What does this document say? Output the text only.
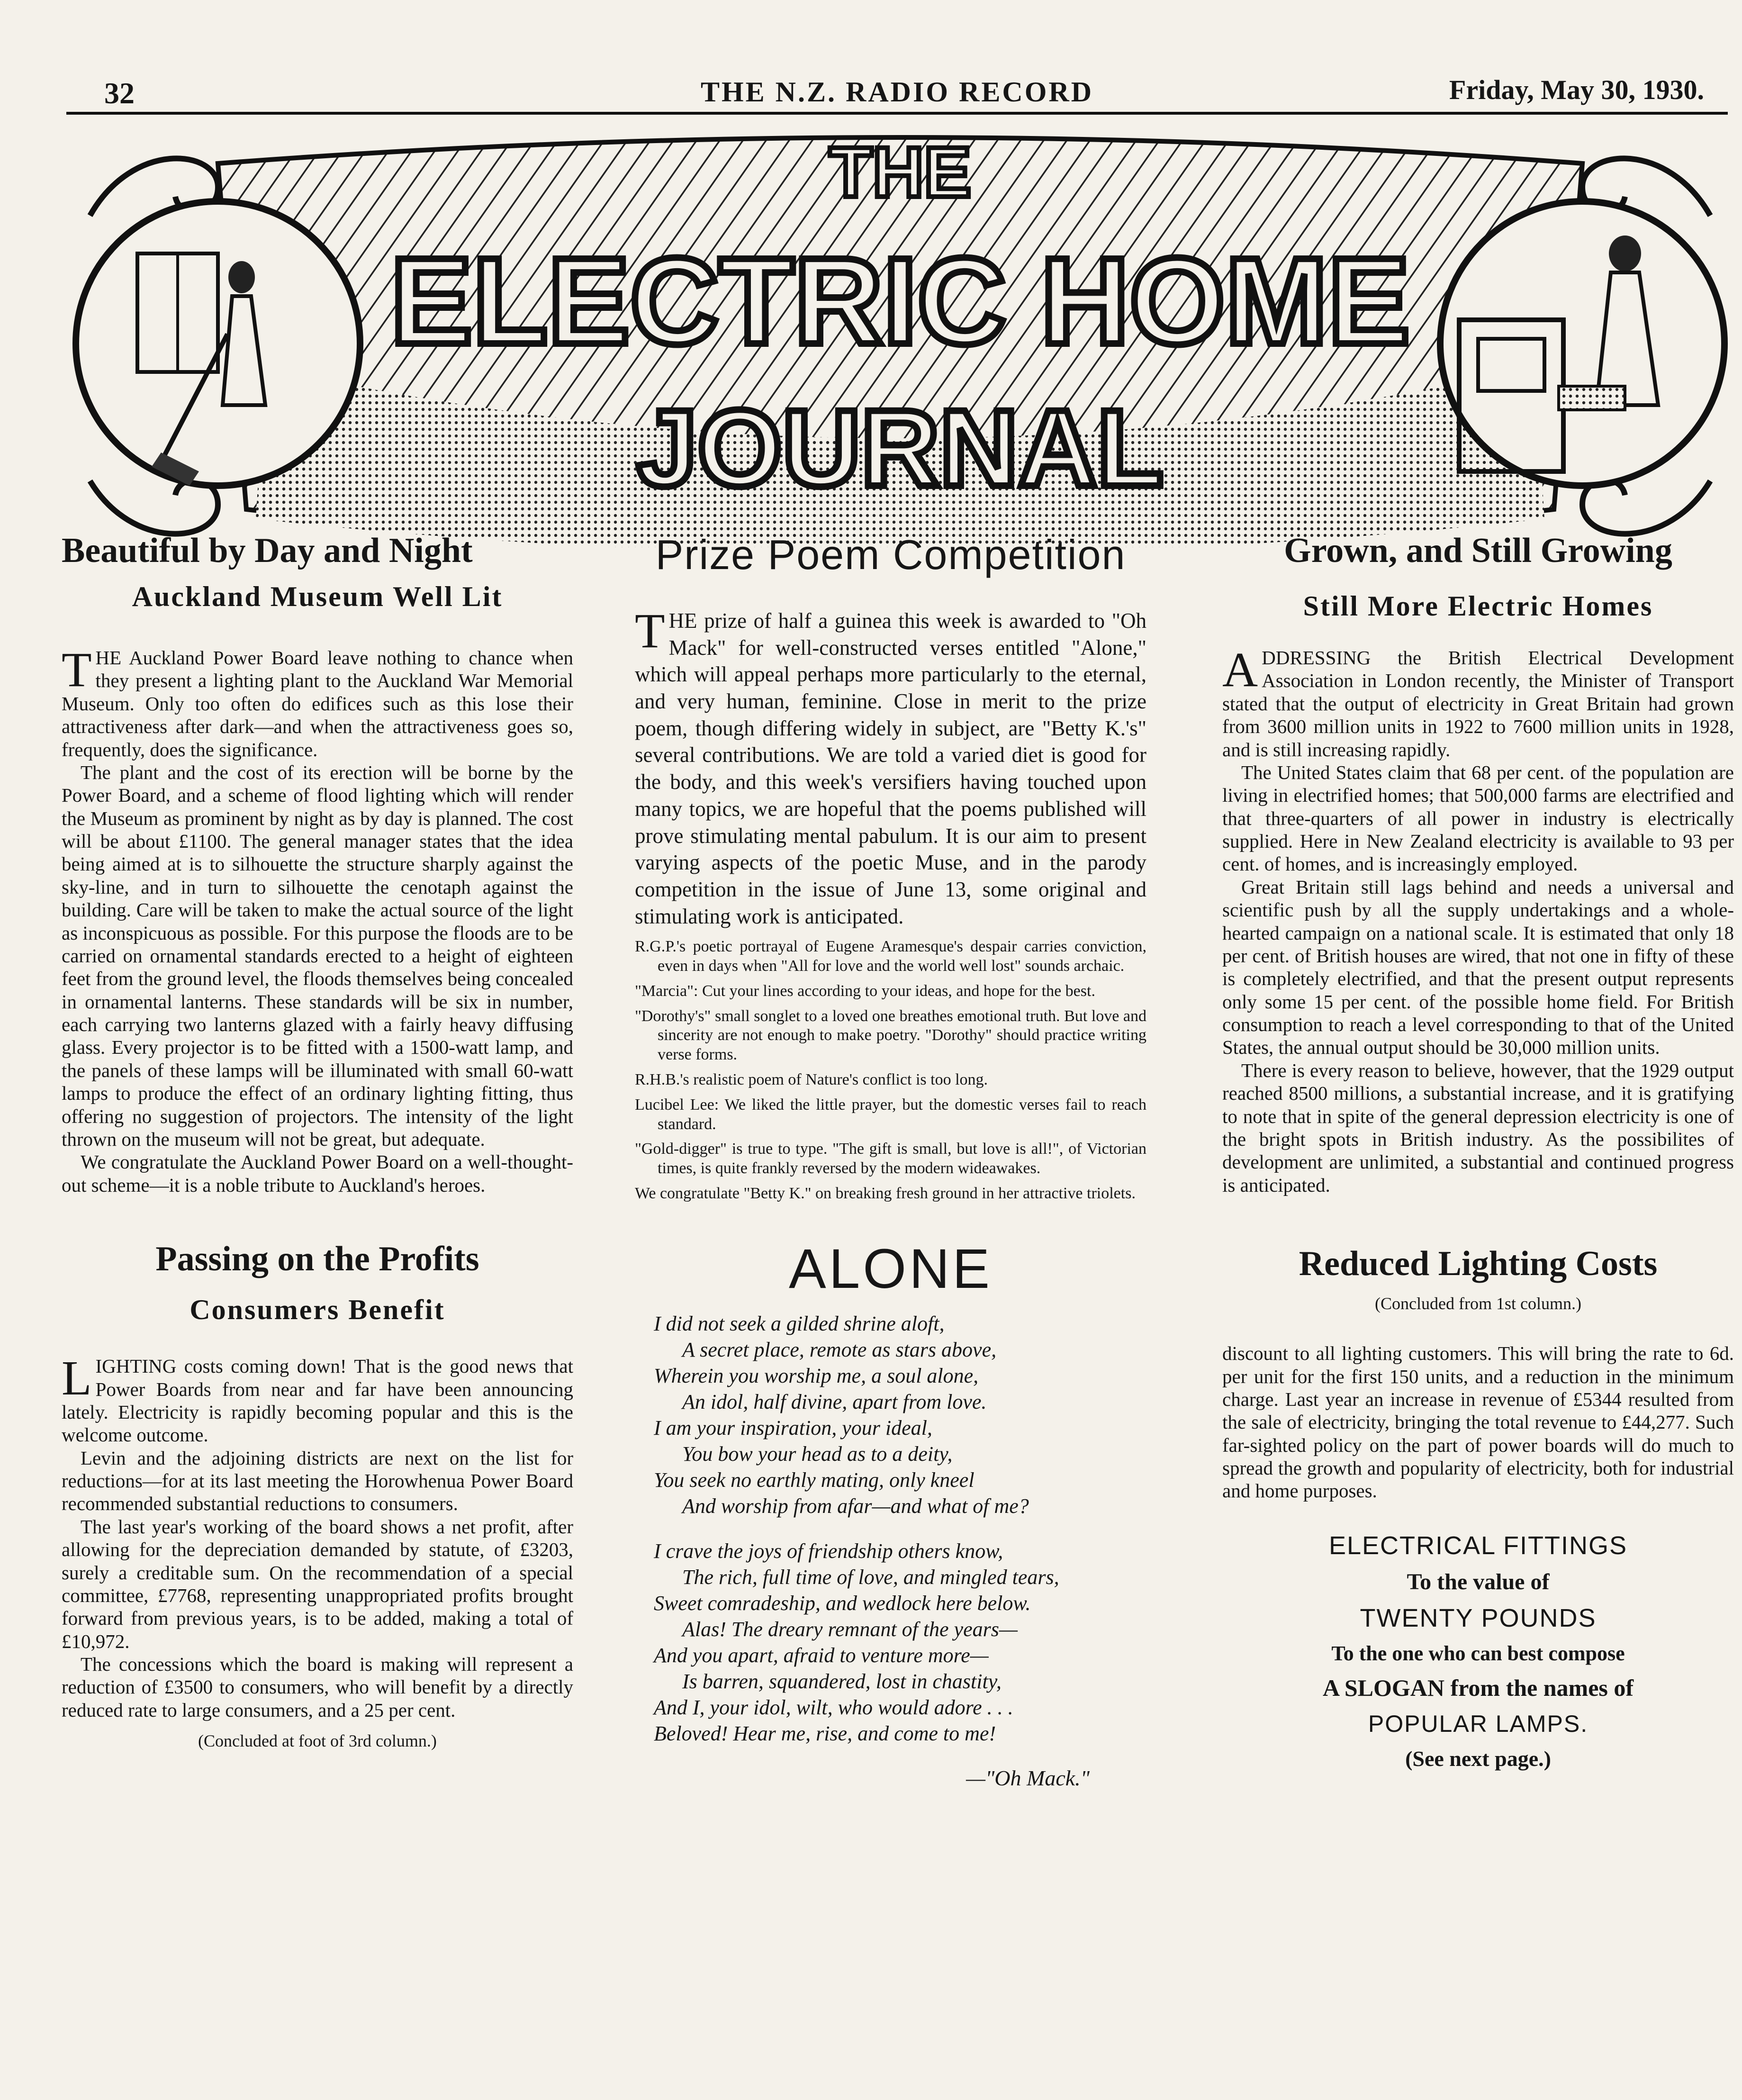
32	THE N.Z. RADIO RECORD	Friday, May 30, 1930.
THE
ELECTRIC HOME
JOURNAL
Beautiful by Day and Night
Auckland Museum Well Lit

THE Auckland Power Board leave nothing to chance when they present a lighting plant to the Auckland War Memorial Museum. Only too often do edifices such as this lose their attractiveness after dark—and when the attractiveness goes so, frequently, does the significance.

The plant and the cost of its erection will be borne by the Power Board, and a scheme of flood lighting which will render the Museum as prominent by night as by day is planned. The cost will be about £1100. The general manager states that the idea being aimed at is to silhouette the structure sharply against the sky-line, and in turn to silhouette the cenotaph against the building. Care will be taken to make the actual source of the light as inconspicuous as possible. For this purpose the floods are to be carried on ornamental standards erected to a height of eighteen feet from the ground level, the floods themselves being concealed in ornamental lanterns. These standards will be six in number, each carrying two lanterns glazed with a fairly heavy diffusing glass. Every projector is to be fitted with a 1500-watt lamp, and the panels of these lamps will be illuminated with small 60-watt lamps to produce the effect of an ordinary lighting fitting, thus offering no suggestion of projectors. The intensity of the light thrown on the museum will not be great, but adequate.

We congratulate the Auckland Power Board on a well-thought-out scheme—it is a noble tribute to Auckland's heroes.

Passing on the Profits
Consumers Benefit

LIGHTING costs coming down! That is the good news that Power Boards from near and far have been announcing lately. Electricity is rapidly becoming popular and this is the welcome outcome.

Levin and the adjoining districts are next on the list for reductions—for at its last meeting the Horowhenua Power Board recommended substantial reductions to consumers.

The last year's working of the board shows a net profit, after allowing for the depreciation demanded by statute, of £3203, surely a creditable sum. On the recommendation of a special committee, £7768, representing unappropriated profits brought forward from previous years, is to be added, making a total of £10,972.

The concessions which the board is making will represent a reduction of £3500 to consumers, who will benefit by a directly reduced rate to large consumers, and a 25 per cent.

(Concluded at foot of 3rd column.)
Prize Poem Competition

THE prize of half a guinea this week is awarded to "Oh Mack" for well-constructed verses entitled "Alone," which will appeal perhaps more particularly to the eternal, and very human, feminine. Close in merit to the prize poem, though differing widely in subject, are "Betty K.'s" several contributions. We are told a varied diet is good for the body, and this week's versifiers having touched upon many topics, we are hopeful that the poems published will prove stimulating mental pabulum. It is our aim to present varying aspects of the poetic Muse, and in the parody competition in the issue of June 13, some original and stimulating work is anticipated.

R.G.P.'s poetic portrayal of Eugene Aramesque's despair carries conviction, even in days when "All for love and the world well lost" sounds archaic.

"Marcia": Cut your lines according to your ideas, and hope for the best.

"Dorothy's" small songlet to a loved one breathes emotional truth. But love and sincerity are not enough to make poetry. "Dorothy" should practice writing verse forms.

R.H.B.'s realistic poem of Nature's conflict is too long.

Lucibel Lee: We liked the little prayer, but the domestic verses fail to reach standard.

"Gold-digger" is true to type. "The gift is small, but love is all!", of Victorian times, is quite frankly reversed by the modern wideawakes.

We congratulate "Betty K." on breaking fresh ground in her attractive triolets.

ALONE
I did not seek a gilded shrine aloft,
A secret place, remote as stars above,
Wherein you worship me, a soul alone,
An idol, half divine, apart from love.
I am your inspiration, your ideal,
You bow your head as to a deity,
You seek no earthly mating, only kneel
And worship from afar—and what of me?
I crave the joys of friendship others know,
The rich, full time of love, and mingled tears,
Sweet comradeship, and wedlock here below.
Alas! The dreary remnant of the years—
And you apart, afraid to venture more—
Is barren, squandered, lost in chastity,
And I, your idol, wilt, who would adore . . .
Beloved! Hear me, rise, and come to me!
—"Oh Mack."
Grown, and Still Growing
Still More Electric Homes

ADDRESSING the British Electrical Development Association in London recently, the Minister of Transport stated that the output of electricity in Great Britain had grown from 3600 million units in 1922 to 7600 million units in 1928, and is still increasing rapidly.

The United States claim that 68 per cent. of the population are living in electrified homes; that 500,000 farms are electrified and that three-quarters of all power in industry is electrically supplied. Here in New Zealand electricity is available to 93 per cent. of homes, and is increasingly employed.

Great Britain still lags behind and needs a universal and scientific push by all the supply undertakings and a whole-hearted campaign on a national scale. It is estimated that only 18 per cent. of British houses are wired, that not one in fifty of these is completely electrified, and that the present output represents only some 15 per cent. of the possible home field. For British consumption to reach a level corresponding to that of the United States, the annual output should be 30,000 million units.

There is every reason to believe, however, that the 1929 output reached 8500 millions, a substantial increase, and it is gratifying to note that in spite of the general depression electricity is one of the bright spots in British industry. As the possibilites of development are unlimited, a substantial and continued progress is anticipated.

Reduced Lighting Costs
(Concluded from 1st column.)

discount to all lighting customers. This will bring the rate to 6d. per unit for the first 150 units, and a reduction in the minimum charge. Last year an increase in revenue of £5344 resulted from the sale of electricity, bringing the total revenue to £44,277. Such far-sighted policy on the part of power boards will do much to spread the growth and popularity of electricity, both for industrial and home purposes.

ELECTRICAL FITTINGS
To the value of
TWENTY POUNDS
To the one who can best compose
A SLOGAN from the names of
POPULAR LAMPS.
(See next page.)
